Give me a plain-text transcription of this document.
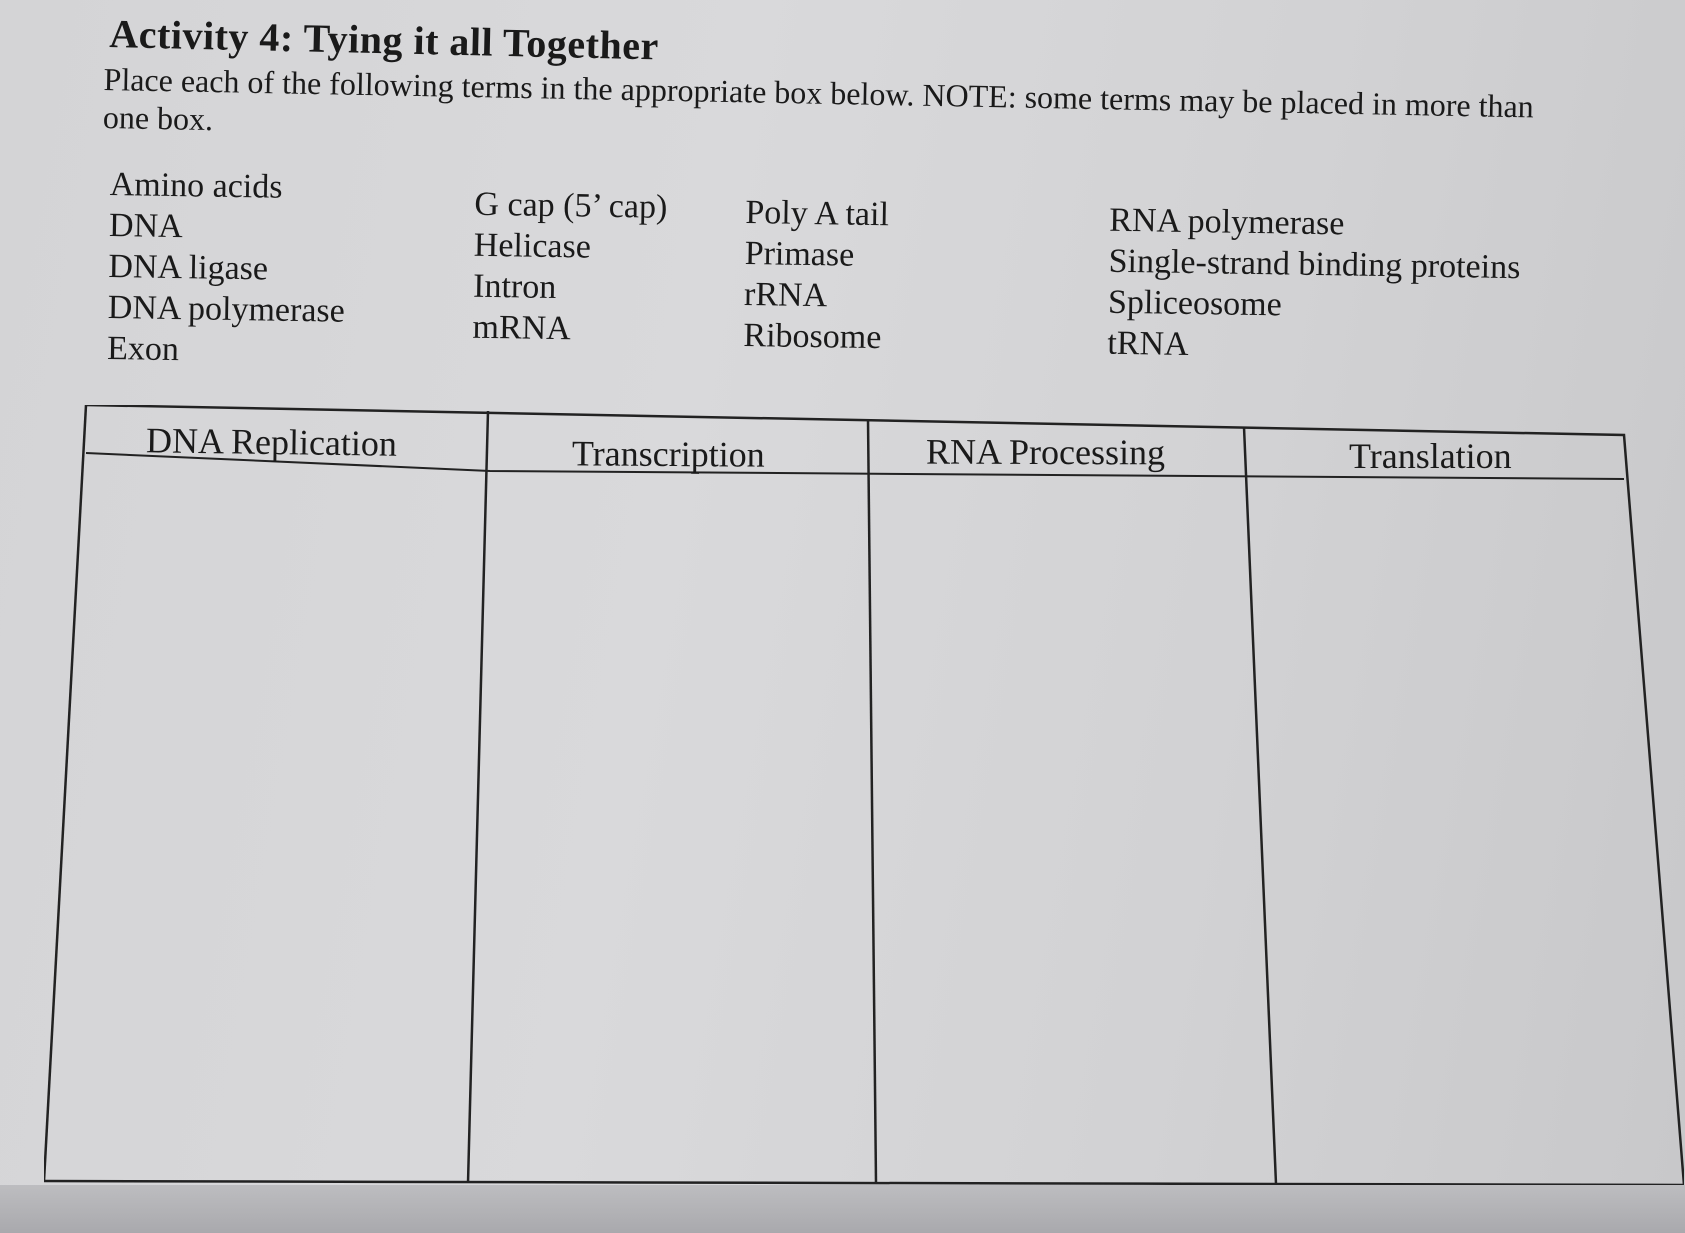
Activity 4: Tying it all Together
Place each of the following terms in the appropriate box below. NOTE: some terms may be placed in more than one box.
Amino acids
DNA
DNA ligase
DNA polymerase
Exon
G cap (5’ cap)
Helicase
Intron
mRNA
Poly A tail
Primase
rRNA
Ribosome
RNA polymerase
Single-strand binding proteins
Spliceosome
tRNA
DNA Replication	Transcription	RNA Processing	Translation
